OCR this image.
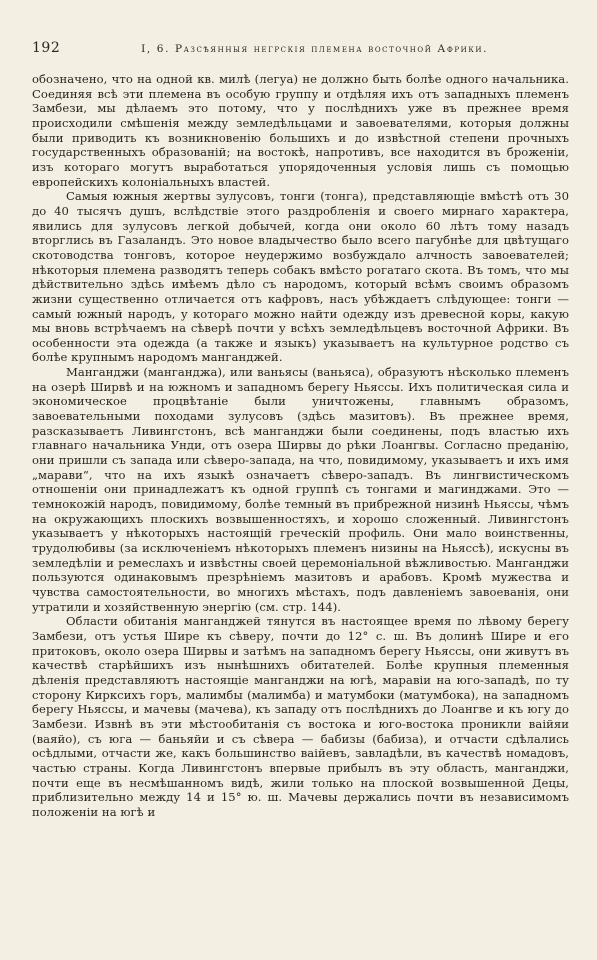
192	I, 6. Разсѣянныя негрскія племена восточной Африки.

обозначено, что на одной кв. милѣ (легуа) не должно быть болѣе одного начальника. Соединяя всѣ эти племена въ особую группу и отдѣляя ихъ отъ западныхъ племенъ Замбези, мы дѣлаемъ это потому, что у послѣднихъ уже въ прежнее время происходили смѣшенія между земледѣльцами и завоевателями, которыя должны были приводить къ возникновенію большихъ и до извѣстной степени прочныхъ государственныхъ образованій; на востокѣ, напротивъ, все находится въ броженіи, изъ котораго могутъ выработаться упорядоченныя условія лишь съ помощью европейскихъ колоніальныхъ властей.

Самыя южныя жертвы зулусовъ, тонги (тонга), представляющіе вмѣстѣ отъ 30 до 40 тысячъ душъ, вслѣдствіе этого раздробленія и своего мирнаго характера, явились для зулусовъ легкой добычей, когда они около 60 лѣтъ тому назадъ вторглись въ Газаландъ. Это новое владычество было всего пагубнѣе для цвѣтущаго скотоводства тонговъ, которое неудержимо возбуждало алчность завоевателей; нѣкоторыя племена разводятъ теперь собакъ вмѣсто рогатаго скота. Въ томъ, что мы дѣйствительно здѣсь имѣемъ дѣло съ народомъ, который всѣмъ своимъ образомъ жизни существенно отличается отъ кафровъ, насъ убѣждаетъ слѣдующее: тонги — самый южный народъ, у котораго можно найти одежду изъ древесной коры, какую мы вновь встрѣчаемъ на сѣверѣ почти у всѣхъ земледѣльцевъ восточной Африки. Въ особенности эта одежда (а также и языкъ) указываетъ на культурное родство съ болѣе крупнымъ народомъ манганджей.

Манганджи (манганджа), или ваньясы (ваньяса), образуютъ нѣсколько племенъ на озерѣ Ширвѣ и на южномъ и западномъ берегу Ньяссы. Ихъ политическая сила и экономическое процвѣтаніе были уничтожены, главнымъ образомъ, завоевательными походами зулусовъ (здѣсь мазитовъ). Въ прежнее время, разсказываетъ Ливингстонъ, всѣ манганджи были соединены, подъ властью ихъ главнаго начальника Унди, отъ озера Ширвы до рѣки Лоангвы. Согласно преданію, они пришли съ запада или сѣверо-запада, на что, повидимому, указываетъ и ихъ имя „марави“, что на ихъ языкѣ означаетъ сѣверо-западъ. Въ лингвистическомъ отношеніи они принадлежатъ къ одной группѣ съ тонгами и магинджами. Это — темнокожій народъ, повидимому, болѣе темный въ прибрежной низинѣ Ньяссы, чѣмъ на окружающихъ плоскихъ возвышенностяхъ, и хорошо сложенный. Ливингстонъ указываетъ у нѣкоторыхъ настоящій греческій профиль. Они мало воинственны, трудолюбивы (за исключеніемъ нѣкоторыхъ племенъ низины на Ньяссѣ), искусны въ земледѣліи и ремеслахъ и извѣстны своей церемоніальной вѣжливостью. Манганджи пользуются одинаковымъ презрѣніемъ мазитовъ и арабовъ. Кромѣ мужества и чувства самостоятельности, во многихъ мѣстахъ, подъ давленіемъ завоеванія, они утратили и хозяйственную энергію (см. стр. 144).

Области обитанія манганджей тянутся въ настоящее время по лѣвому берегу Замбези, отъ устья Шире къ сѣверу, почти до 12° с. ш. Въ долинѣ Шире и его притоковъ, около озера Ширвы и затѣмъ на западномъ берегу Ньяссы, они живутъ въ качествѣ старѣйшихъ изъ нынѣшнихъ обитателей. Болѣе крупныя племенныя дѣленія представляютъ настоящіе манганджи на югѣ, маравіи на юго-западѣ, по ту сторону Кирксихъ горъ, малимбы (малимба) и матумбоки (матумбока), на западномъ берегу Ньяссы, и мачевы (мачева), къ западу отъ послѣднихъ до Лоангве и къ югу до Замбези. Извнѣ въ эти мѣстообитанія съ востока и юго-востока проникли ваійяи (ваяйо), съ юга — баньяйи и съ сѣвера — бабизы (бабиза), и отчасти сдѣлались осѣдлыми, отчасти же, какъ большинство ваійевъ, завладѣли, въ качествѣ номадовъ, частью страны. Когда Ливингстонъ впервые прибылъ въ эту область, манганджи, почти еще въ несмѣшанномъ видѣ, жили только на плоской возвышенной Децы, приблизительно между 14 и 15° ю. ш. Мачевы держались почти въ независимомъ положеніи на югѣ и
